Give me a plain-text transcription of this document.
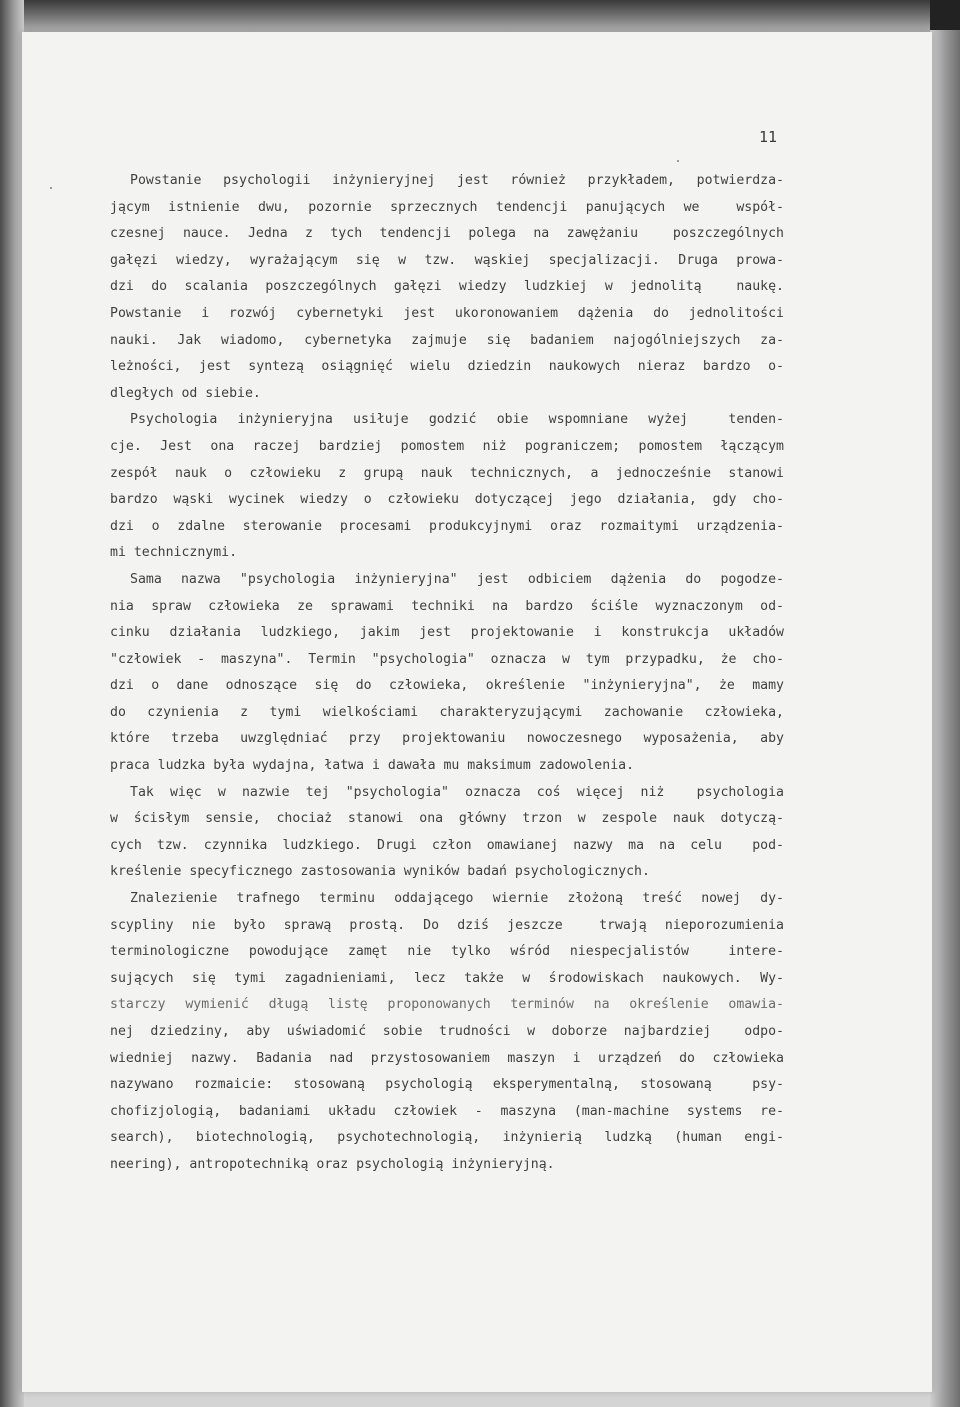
11
Powstanie psychologii inżynieryjnej jest również przykładem, potwierdza-
jącym istnienie dwu, pozornie sprzecznych tendencji panujących we  współ-
czesnej nauce. Jedna z tych tendencji polega na zawężaniu  poszczególnych
gałęzi wiedzy, wyrażającym się w tzw. wąskiej specjalizacji. Druga prowa-
dzi do scalania poszczególnych gałęzi wiedzy ludzkiej w jednolitą  naukę.
Powstanie i rozwój cybernetyki jest ukoronowaniem dążenia do jednolitości
nauki. Jak wiadomo, cybernetyka zajmuje się badaniem najogólniejszych za-
leżności, jest syntezą osiągnięć wielu dziedzin naukowych nieraz bardzo o-
dległych od siebie.
Psychologia inżynieryjna usiłuje godzić obie wspomniane wyżej  tenden-
cje. Jest ona raczej bardziej pomostem niż pograniczem; pomostem łączącym
zespół nauk o człowieku z grupą nauk technicznych, a jednocześnie stanowi
bardzo wąski wycinek wiedzy o człowieku dotyczącej jego działania, gdy cho-
dzi o zdalne sterowanie procesami produkcyjnymi oraz rozmaitymi urządzenia-
mi technicznymi.
Sama nazwa "psychologia inżynieryjna" jest odbiciem dążenia do pogodze-
nia spraw człowieka ze sprawami techniki na bardzo ściśle wyznaczonym od-
cinku działania ludzkiego, jakim jest projektowanie i konstrukcja układów
"człowiek - maszyna". Termin "psychologia" oznacza w tym przypadku, że cho-
dzi o dane odnoszące się do człowieka, określenie "inżynieryjna", że mamy
do czynienia z tymi wielkościami charakteryzującymi zachowanie człowieka,
które trzeba uwzględniać przy projektowaniu nowoczesnego wyposażenia, aby
praca ludzka była wydajna, łatwa i dawała mu maksimum zadowolenia.
Tak więc w nazwie tej "psychologia" oznacza coś więcej niż  psychologia
w ścisłym sensie, chociaż stanowi ona główny trzon w zespole nauk dotyczą-
cych tzw. czynnika ludzkiego. Drugi człon omawianej nazwy ma na celu  pod-
kreślenie specyficznego zastosowania wyników badań psychologicznych.
Znalezienie trafnego terminu oddającego wiernie złożoną treść nowej dy-
scypliny nie było sprawą prostą. Do dziś jeszcze  trwają nieporozumienia
terminologiczne powodujące zamęt nie tylko wśród niespecjalistów  intere-
sujących się tymi zagadnieniami, lecz także w środowiskach naukowych. Wy-
starczy wymienić długą listę proponowanych terminów na określenie omawia-
nej dziedziny, aby uświadomić sobie trudności w doborze najbardziej  odpo-
wiedniej nazwy. Badania nad przystosowaniem maszyn i urządzeń do człowieka
nazywano rozmaicie: stosowaną psychologią eksperymentalną, stosowaną  psy-
chofizjologią, badaniami układu człowiek - maszyna (man-machine systems re-
search), biotechnologią, psychotechnologią, inżynierią ludzką (human engi-
neering), antropotechniką oraz psychologią inżynieryjną.
